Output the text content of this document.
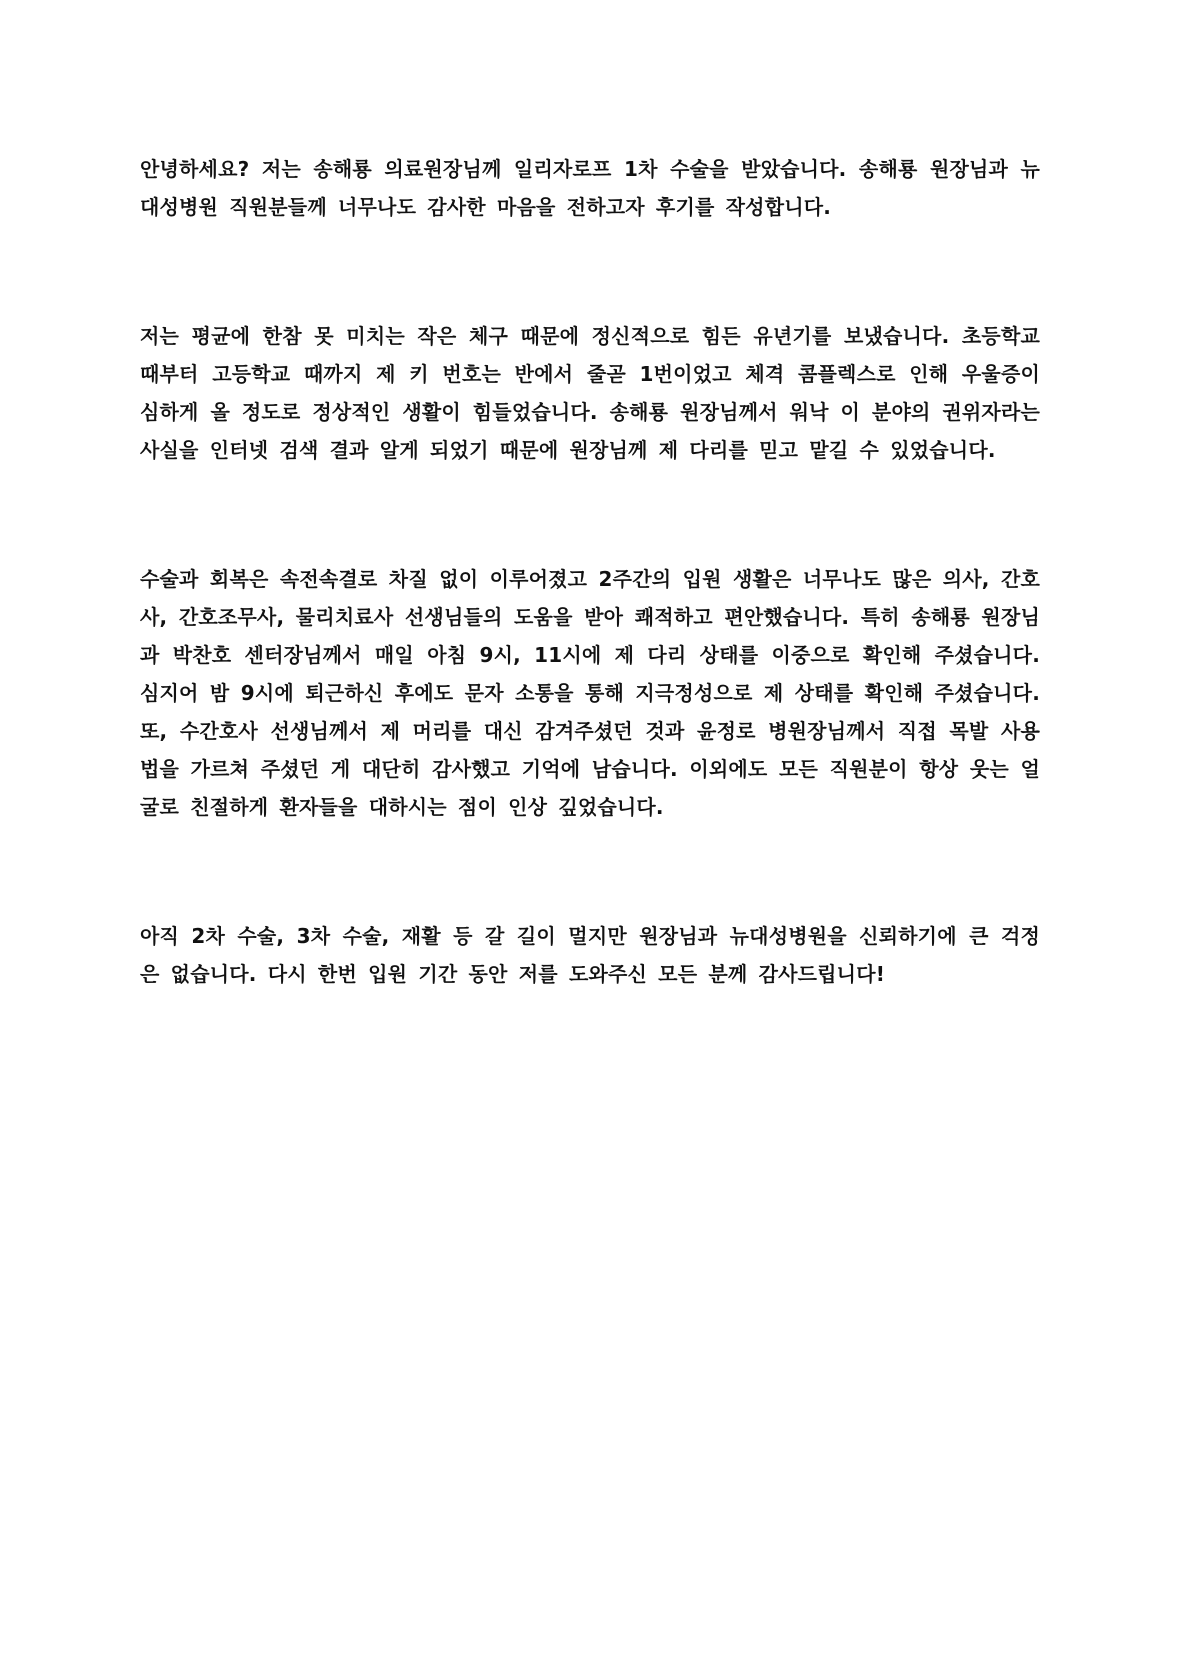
안녕하세요? 저는 송해룡 의료원장님께 일리자로프 1차 수술을 받았습니다. 송해룡 원장님과 뉴대성병원 직원분들께 너무나도 감사한 마음을 전하고자 후기를 작성합니다.

저는 평균에 한참 못 미치는 작은 체구 때문에 정신적으로 힘든 유년기를 보냈습니다. 초등학교 때부터 고등학교 때까지 제 키 번호는 반에서 줄곧 1번이었고 체격 콤플렉스로 인해 우울증이 심하게 올 정도로 정상적인 생활이 힘들었습니다. 송해룡 원장님께서 워낙 이 분야의 권위자라는 사실을 인터넷 검색 결과 알게 되었기 때문에 원장님께 제 다리를 믿고 맡길 수 있었습니다.

수술과 회복은 속전속결로 차질 없이 이루어졌고 2주간의 입원 생활은 너무나도 많은 의사, 간호사, 간호조무사, 물리치료사 선생님들의 도움을 받아 쾌적하고 편안했습니다. 특히 송해룡 원장님과 박찬호 센터장님께서 매일 아침 9시, 11시에 제 다리 상태를 이중으로 확인해 주셨습니다. 심지어 밤 9시에 퇴근하신 후에도 문자 소통을 통해 지극정성으로 제 상태를 확인해 주셨습니다. 또, 수간호사 선생님께서 제 머리를 대신 감겨주셨던 것과 윤정로 병원장님께서 직접 목발 사용법을 가르쳐 주셨던 게 대단히 감사했고 기억에 남습니다. 이외에도 모든 직원분이 항상 웃는 얼굴로 친절하게 환자들을 대하시는 점이 인상 깊었습니다.

아직 2차 수술, 3차 수술, 재활 등 갈 길이 멀지만 원장님과 뉴대성병원을 신뢰하기에 큰 걱정은 없습니다. 다시 한번 입원 기간 동안 저를 도와주신 모든 분께 감사드립니다!
